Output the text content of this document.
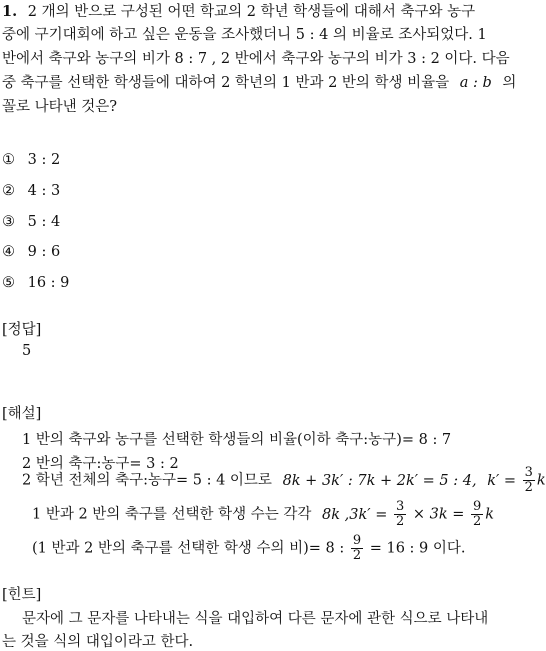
1. 2 개의 반으로 구성된 어떤 학교의 2 학년 학생들에 대해서 축구와 농구
중에 구기대회에 하고 싶은 운동을 조사했더니 5 : 4 의 비율로 조사되었다. 1
반에서 축구와 농구의 비가 8 : 7 , 2 반에서 축구와 농구의 비가 3 : 2 이다. 다음
중 축구를 선택한 학생들에 대하여 2 학년의 1 반과 2 반의 학생 비율을 a : b 의
꼴로 나타낸 것은?
① 3 : 2
② 4 : 3
③ 5 : 4
④ 9 : 6
⑤ 16 : 9
[정답]
5
[해설]
1 반의 축구와 농구를 선택한 학생들의 비율(이하 축구:농구)= 8 : 7
2 반의 축구:농구= 3 : 2
2 학년 전체의 축구:농구= 5 : 4 이므로 8k + 3k′ : 7k + 2k′ = 5 : 4, $k' = \frac{3}{2}$ k
1 반과 2 반의 축구를 선택한 학생 수는 각각 8k $,3k' = \frac{3}{2} \times 3k = \frac{9}{2}$ k
(1 반과 2 반의 축구를 선택한 학생 수의 비)= 8 : $\frac{9}{2} = 16$ : 9 이다.
[힌트]
문자에 그 문자를 나타내는 식을 대입하여 다른 문자에 관한 식으로 나타내
는 것을 식의 대입이라고 한다.
